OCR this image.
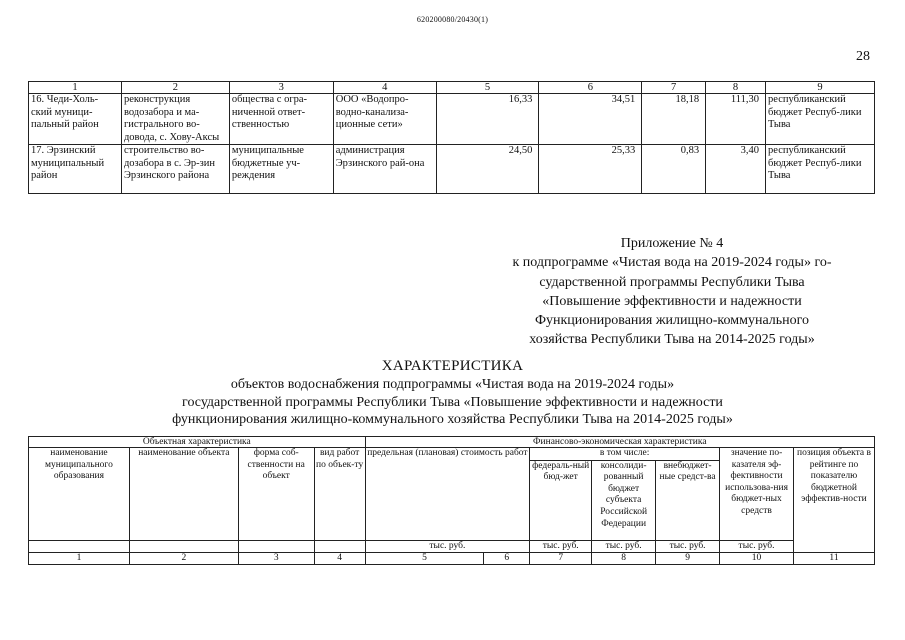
620200080/20430(1)
28
1	2	3	4	5	6	7	8	9
16. Чеди-Холь-ский муници-пальный район	реконструкция водозабора и ма-гистрального во-довода, с. Хову-Аксы	общества с огра-ниченной ответ-ственностью	ООО «Водопро-водно-канализа-ционные сети»	16,33	34,51	18,18	111,30	республиканский бюджет Респуб-лики Тыва
17. Эрзинский муниципальный район	строительство во-дозабора в с. Эр-зин Эрзинского района	муниципальные бюджетные уч-реждения	администрация Эрзинского рай-она	24,50	25,33	0,83	3,40	республиканский бюджет Респуб-лики Тыва
Приложение № 4
к подпрограмме «Чистая вода на 2019-2024 годы» го-
сударственной программы Республики Тыва
«Повышение эффективности и надежности
Функционирования жилищно-коммунального
хозяйства Республики Тыва на 2014-2025 годы»
ХАРАКТЕРИСТИКА
объектов водоснабжения подпрограммы «Чистая вода на 2019-2024 годы»
государственной программы Республики Тыва «Повышение эффективности и надежности
функционирования жилищно-коммунального хозяйства Республики Тыва на 2014-2025 годы»
Объектная характеристика				Финансово-экономическая характеристика						
наименование муниципального образования	наименование объекта	форма соб-ственности на объект	вид работ по объек-ту	предельная (плановая) стоимость работ		в том числе:			значение по-казателя эф-фективности использова-ния бюджет-ных средств	позиция объекта в рейтинге по показателю бюджетной эффектив-ности
						федераль-ный бюд-жет	консолиди-рованный бюджет субъекта Российской Федерации	внебюджет-ные средст-ва		
				тыс. руб.		тыс. руб.	тыс. руб.	тыс. руб.	тыс. руб.	
1	2	3	4	5	6	7	8	9	10	11
